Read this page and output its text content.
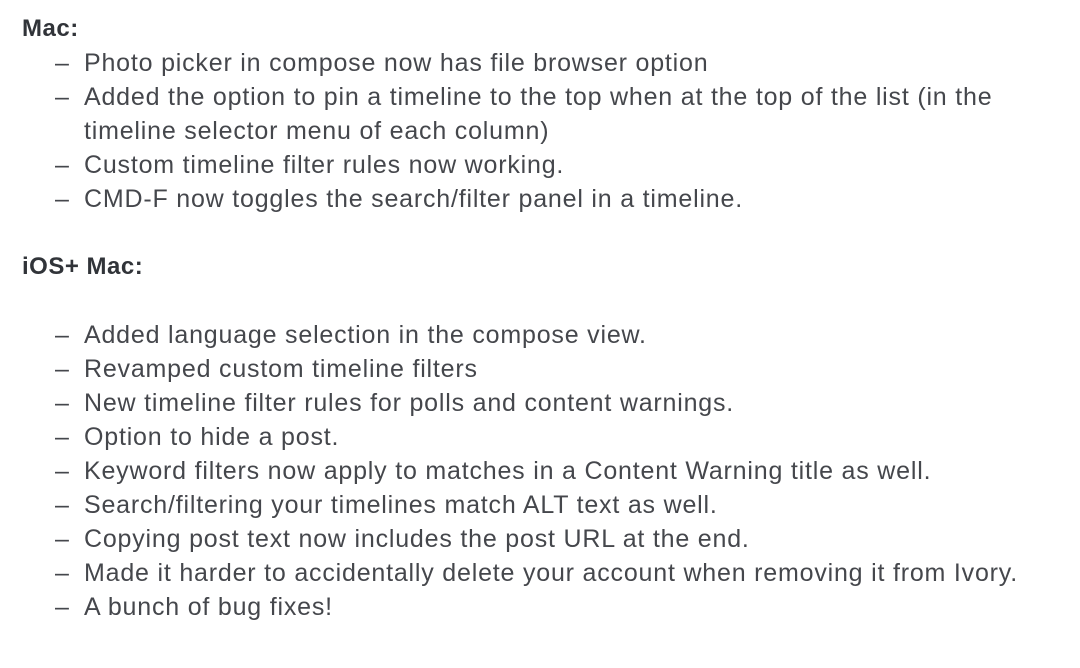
Mac:
– Photo picker in compose now has file browser option
– Added the option to pin a timeline to the top when at the top of the list (in the timeline selector menu of each column)
– Custom timeline filter rules now working.
– CMD-F now toggles the search/filter panel in a timeline.
iOS+ Mac:
– Added language selection in the compose view.
– Revamped custom timeline filters
– New timeline filter rules for polls and content warnings.
– Option to hide a post.
– Keyword filters now apply to matches in a Content Warning title as well.
– Search/filtering your timelines match ALT text as well.
– Copying post text now includes the post URL at the end.
– Made it harder to accidentally delete your account when removing it from Ivory.
– A bunch of bug fixes!
